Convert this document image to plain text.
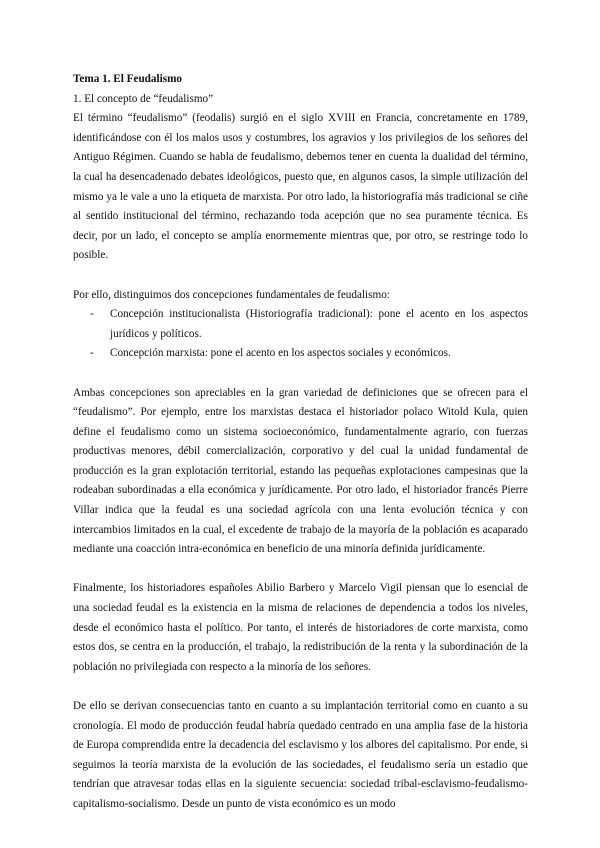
Tema 1. El Feudalismo
1. El concepto de “feudalismo”

El término “feudalismo” (feodalis) surgió en el siglo XVIII en Francia, concretamente en 1789, identificándose con él los malos usos y costumbres, los agravios y los privilegios de los señores del Antiguo Régimen. Cuando se habla de feudalismo, debemos tener en cuenta la dualidad del término, la cual ha desencadenado debates ideológicos, puesto que, en algunos casos, la simple utilización del mismo ya le vale a uno la etiqueta de marxista. Por otro lado, la historiografía más tradicional se ciñe al sentido institucional del término, rechazando toda acepción que no sea puramente técnica. Es decir, por un lado, el concepto se amplía enormemente mientras que, por otro, se restringe todo lo posible.

Por ello, distinguimos dos concepciones fundamentales de feudalismo:

- Concepción institucionalista (Historiografía tradicional): pone el acento en los aspectos jurídicos y políticos.
- Concepción marxista: pone el acento en los aspectos sociales y económicos.

Ambas concepciones son apreciables en la gran variedad de definiciones que se ofrecen para el “feudalismo”. Por ejemplo, entre los marxistas destaca el historiador polaco Witold Kula, quien define el feudalismo como un sistema socioeconómico, fundamentalmente agrario, con fuerzas productivas menores, débil comercialización, corporativo y del cual la unidad fundamental de producción es la gran explotación territorial, estando las pequeñas explotaciones campesinas que la rodeaban subordinadas a ella económica y jurídicamente. Por otro lado, el historiador francés Pierre Villar indica que la feudal es una sociedad agrícola con una lenta evolución técnica y con intercambios limitados en la cual, el excedente de trabajo de la mayoría de la población es acaparado mediante una coacción intra-económica en beneficio de una minoría definida jurídicamente.

Finalmente, los historiadores españoles Abilio Barbero y Marcelo Vigil piensan que lo esencial de una sociedad feudal es la existencia en la misma de relaciones de dependencia a todos los niveles, desde el económico hasta el político. Por tanto, el interés de historiadores de corte marxista, como estos dos, se centra en la producción, el trabajo, la redistribución de la renta y la subordinación de la población no privilegiada con respecto a la minoría de los señores.

De ello se derivan consecuencias tanto en cuanto a su implantación territorial como en cuanto a su cronología. El modo de producción feudal habría quedado centrado en una amplia fase de la historia de Europa comprendida entre la decadencia del esclavismo y los albores del capitalismo. Por ende, si seguimos la teoría marxista de la evolución de las sociedades, el feudalismo sería un estadio que tendrían que atravesar todas ellas en la siguiente secuencia: sociedad tribal-esclavismo-feudalismo-capitalismo-socialismo. Desde un punto de vista económico es un modo
